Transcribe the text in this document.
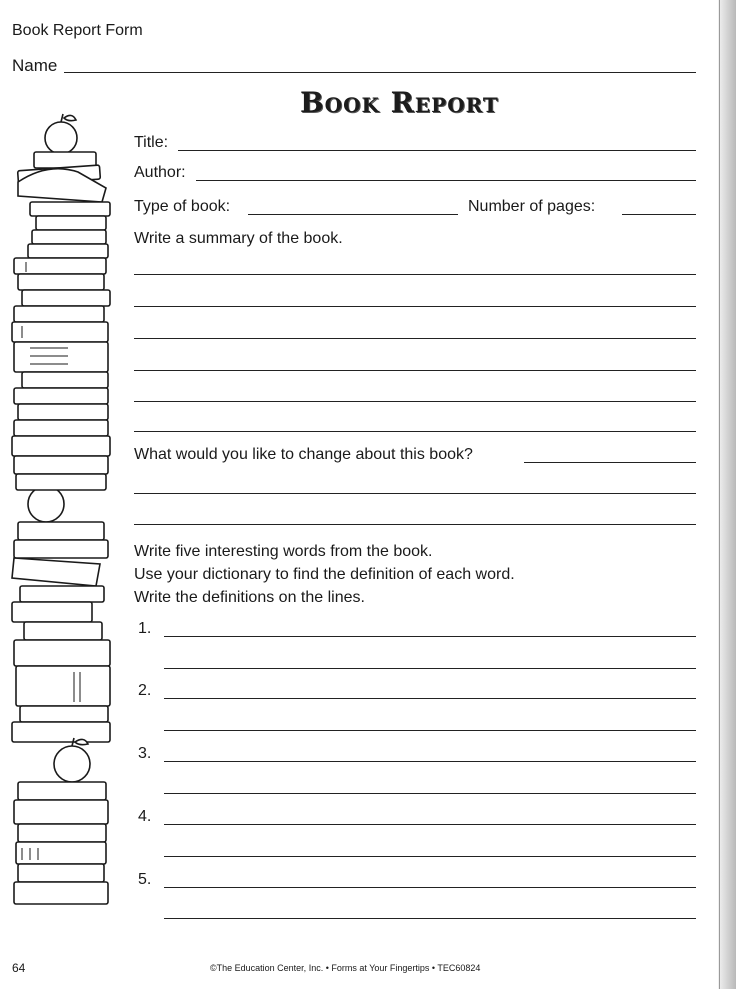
Book Report Form
Name
Book Report
Title:
Author:
Type of book:	Number of pages:
Write a summary of the book.
What would you like to change about this book?
Write five interesting words from the book.
Use your dictionary to find the definition of each word.
Write the definitions on the lines.
1.
2.
3.
4.
5.
64	©The Education Center, Inc. • Forms at Your Fingertips • TEC60824
